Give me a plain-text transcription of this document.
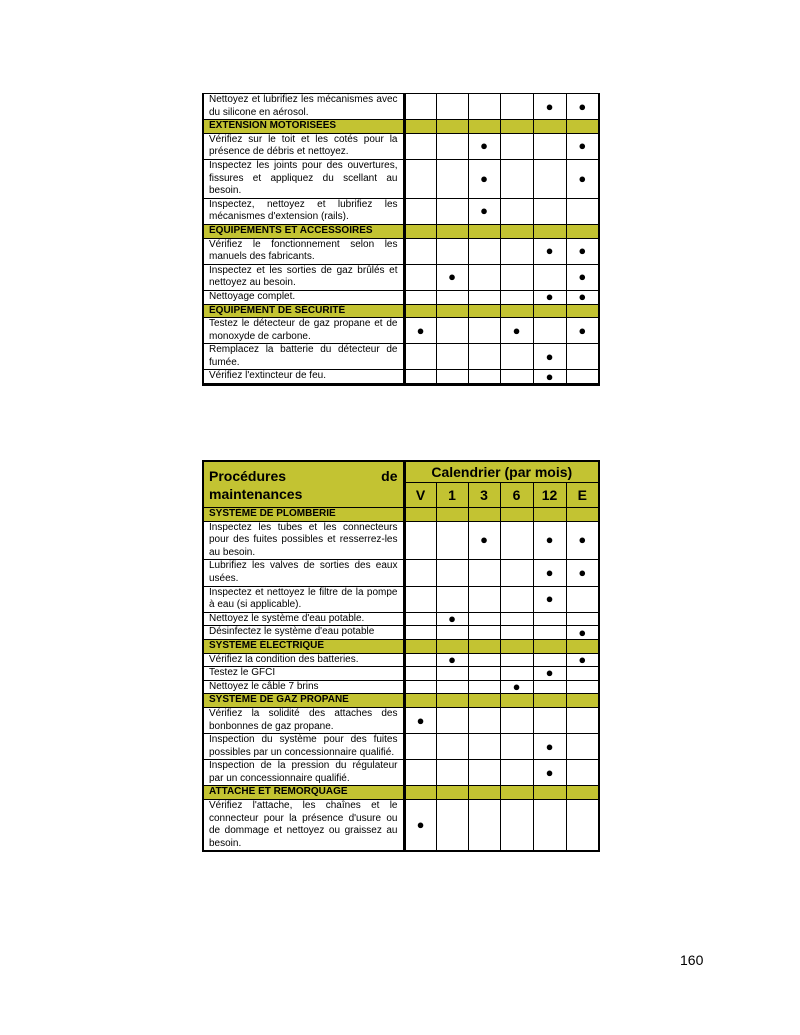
Nettoyez et lubrifiez les mécanismes avec du silicone en aérosol.					●	●
EXTENSION MOTORISÉES						
Vérifiez sur le toit et les cotés pour la présence de débris et nettoyez.			●			●
Inspectez les joints pour des ouvertures, fissures et appliquez du scellant au besoin.			●			●
Inspectez, nettoyez et lubrifiez les mécanismes d'extension (rails).			●			
ÉQUIPEMENTS ET ACCESSOIRES						
Vérifiez le fonctionnement selon les manuels des fabricants.					●	●
Inspectez et les sorties de gaz brûlés et nettoyez au besoin.		●				●
Nettoyage complet.					●	●
ÉQUIPEMENT DE SÉCURITÉ						
Testez le détecteur de gaz propane et de monoxyde de carbone.	●			●		●
Remplacez la batterie du détecteur de fumée.					●	
Vérifiez l'extincteur de feu.					●	
Procédures de
maintenances	Calendrier (par mois)					
	V	1	3	6	12	E
SYSTÈME DE PLOMBERIE						
Inspectez les tubes et les connecteurs pour des fuites possibles et resserrez-les au besoin.			●		●	●
Lubrifiez les valves de sorties des eaux usées.					●	●
Inspectez et nettoyez le filtre de la pompe à eau (si applicable).					●	
Nettoyez le système d'eau potable.		●				
Désinfectez le système d'eau potable						●
SYSTÈME ÉLECTRIQUE						
Vérifiez la condition des batteries.		●				●
Testez le GFCI					●	
Nettoyez le câble 7 brins				●		
SYSTÈME DE GAZ PROPANE						
Vérifiez la solidité des attaches des bonbonnes de gaz propane.	●					
Inspection du système pour des fuites possibles par un concessionnaire qualifié.					●	
Inspection de la pression du régulateur par un concessionnaire qualifié.					●	
ATTACHE ET REMORQUAGE						
Vérifiez l'attache, les chaînes et le connecteur pour la présence d'usure ou de dommage et nettoyez ou graissez au besoin.	●					
160
